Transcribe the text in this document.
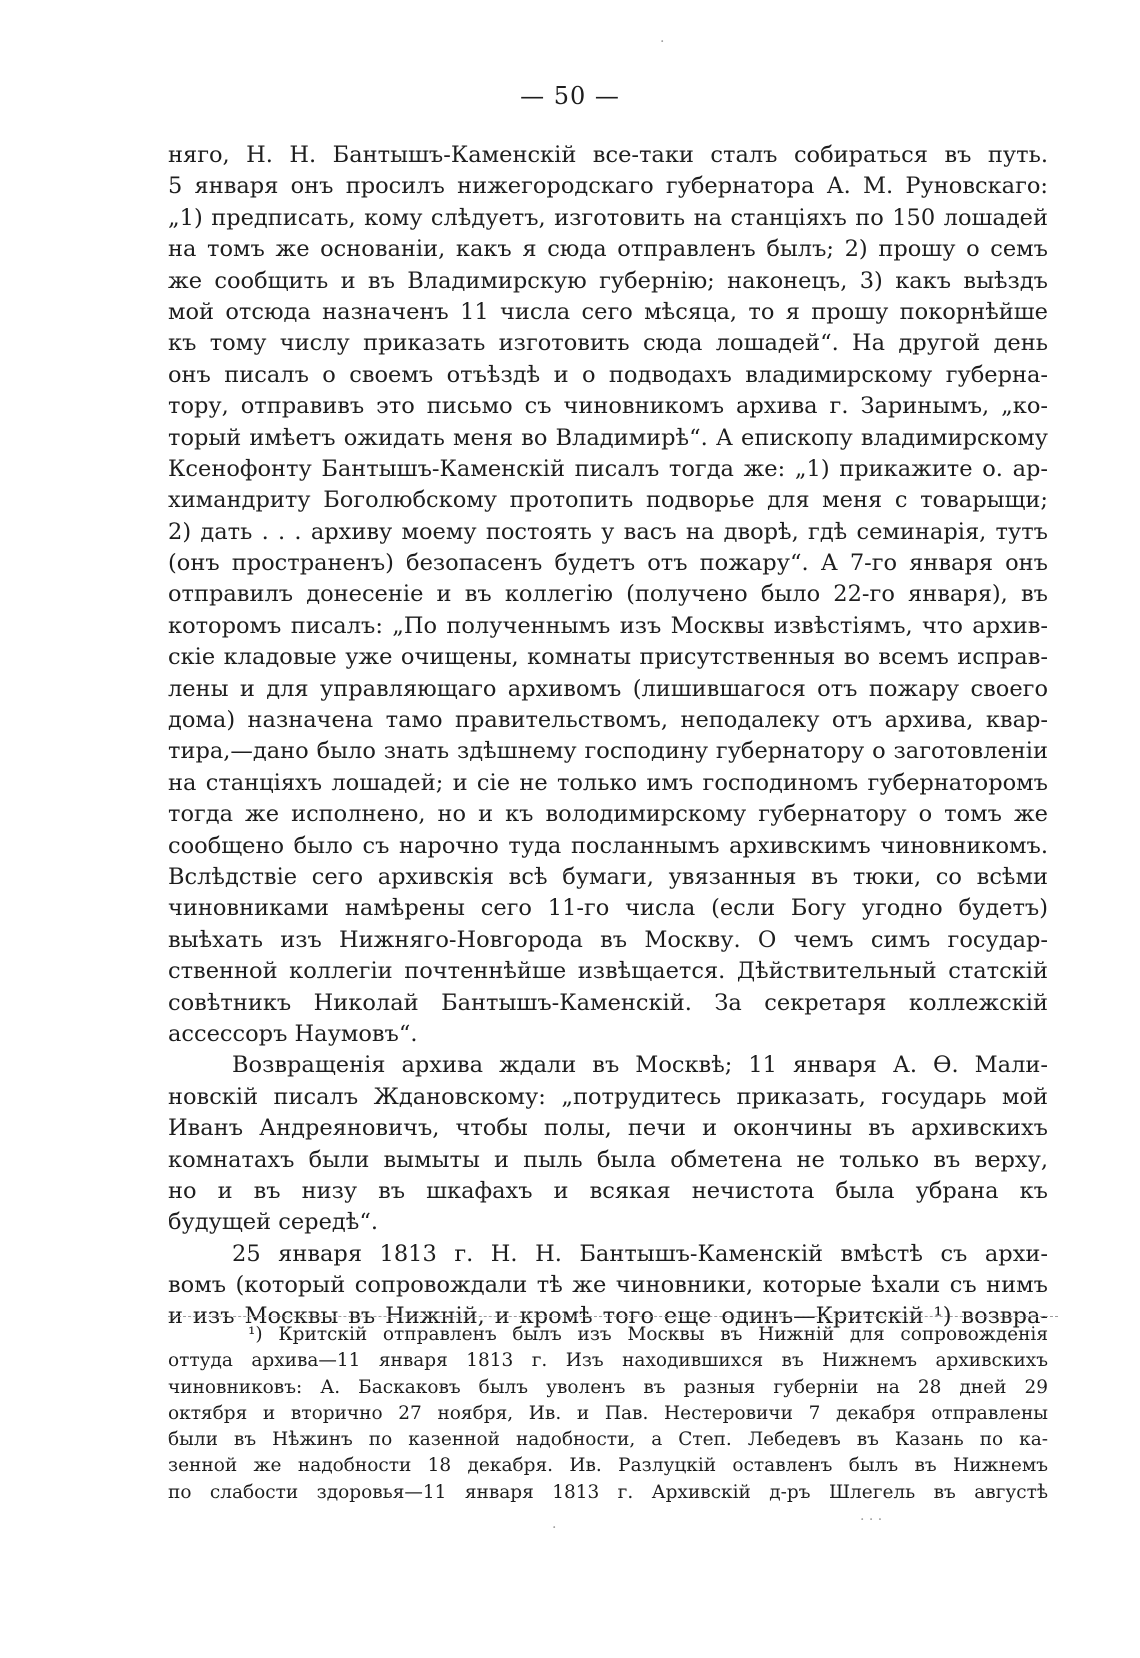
— 50 —
няго, Н. Н. Бантышъ-Каменскій все-таки сталъ собираться въ путь.
5 января онъ просилъ нижегородскаго губернатора А. М. Руновскаго:
„1) предписать, кому слѣдуетъ, изготовить на станціяхъ по 150 лошадей
на томъ же основаніи, какъ я сюда отправленъ былъ; 2) прошу о семъ
же сообщить и въ Владимирскую губернію; наконецъ, 3) какъ выѣздъ
мой отсюда назначенъ 11 числа сего мѣсяца, то я прошу покорнѣйше
къ тому числу приказать изготовить сюда лошадей“. На другой день
онъ писалъ о своемъ отъѣздѣ и о подводахъ владимирскому губерна-
тору, отправивъ это письмо съ чиновникомъ архива г. Заринымъ, „ко-
торый имѣетъ ожидать меня во Владимирѣ“. А епископу владимирскому
Ксенофонту Бантышъ-Каменскій писалъ тогда же: „1) прикажите о. ар-
химандриту Боголюбскому протопить подворье для меня с товарыщи;
2) дать . . . архиву моему постоять у васъ на дворѣ, гдѣ семинарія, тутъ
(онъ пространенъ) безопасенъ будетъ отъ пожару“. А 7-го января онъ
отправилъ донесеніе и въ коллегію (получено было 22-го января), въ
которомъ писалъ: „По полученнымъ изъ Москвы извѣстіямъ, что архив-
скіе кладовые уже очищены, комнаты присутственныя во всемъ исправ-
лены и для управляющаго архивомъ (лишившагося отъ пожару своего
дома) назначена тамо правительствомъ, неподалеку отъ архива, квар-
тира,—дано было знать здѣшнему господину губернатору о заготовленіи
на станціяхъ лошадей; и сіе не только имъ господиномъ губернаторомъ
тогда же исполнено, но и къ володимирскому губернатору о томъ же
сообщено было съ нарочно туда посланнымъ архивскимъ чиновникомъ.
Вслѣдствіе сего архивскія всѣ бумаги, увязанныя въ тюки, со всѣми
чиновниками намѣрены сего 11-го числа (если Богу угодно будетъ)
выѣхать изъ Нижняго-Новгорода въ Москву. О чемъ симъ государ-
ственной коллегіи почтеннѣйше извѣщается. Дѣйствительный статскій
совѣтникъ Николай Бантышъ-Каменскій. За секретаря коллежскій
ассессоръ Наумовъ“.
Возвращенія архива ждали въ Москвѣ; 11 января А. Ѳ. Мали-
новскій писалъ Ждановскому: „потрудитесь приказать, государь мой
Иванъ Андреяновичъ, чтобы полы, печи и окончины въ архивскихъ
комнатахъ были вымыты и пыль была обметена не только въ верху,
но и въ низу въ шкафахъ и всякая нечистота была убрана къ
будущей середѣ“.
25 января 1813 г. Н. Н. Бантышъ-Каменскій вмѣстѣ съ архи-
вомъ (который сопровождали тѣ же чиновники, которые ѣхали съ нимъ
и изъ Москвы въ Нижній, и кромѣ того еще одинъ—Критскій ¹) возвра-
¹) Критскій отправленъ былъ изъ Москвы въ Нижній для сопровожденія
оттуда архива—11 января 1813 г. Изъ находившихся въ Нижнемъ архивскихъ
чиновниковъ: А. Баскаковъ былъ уволенъ въ разныя губерніи на 28 дней 29
октября и вторично 27 ноября, Ив. и Пав. Нестеровичи 7 декабря отправлены
были въ Нѣжинъ по казенной надобности, а Степ. Лебедевъ въ Казань по ка-
зенной же надобности 18 декабря. Ив. Разлуцкій оставленъ былъ въ Нижнемъ
по слабости здоровья—11 января 1813 г. Архивскій д-ръ Шлегель въ августѣ
·
·	· · ·
